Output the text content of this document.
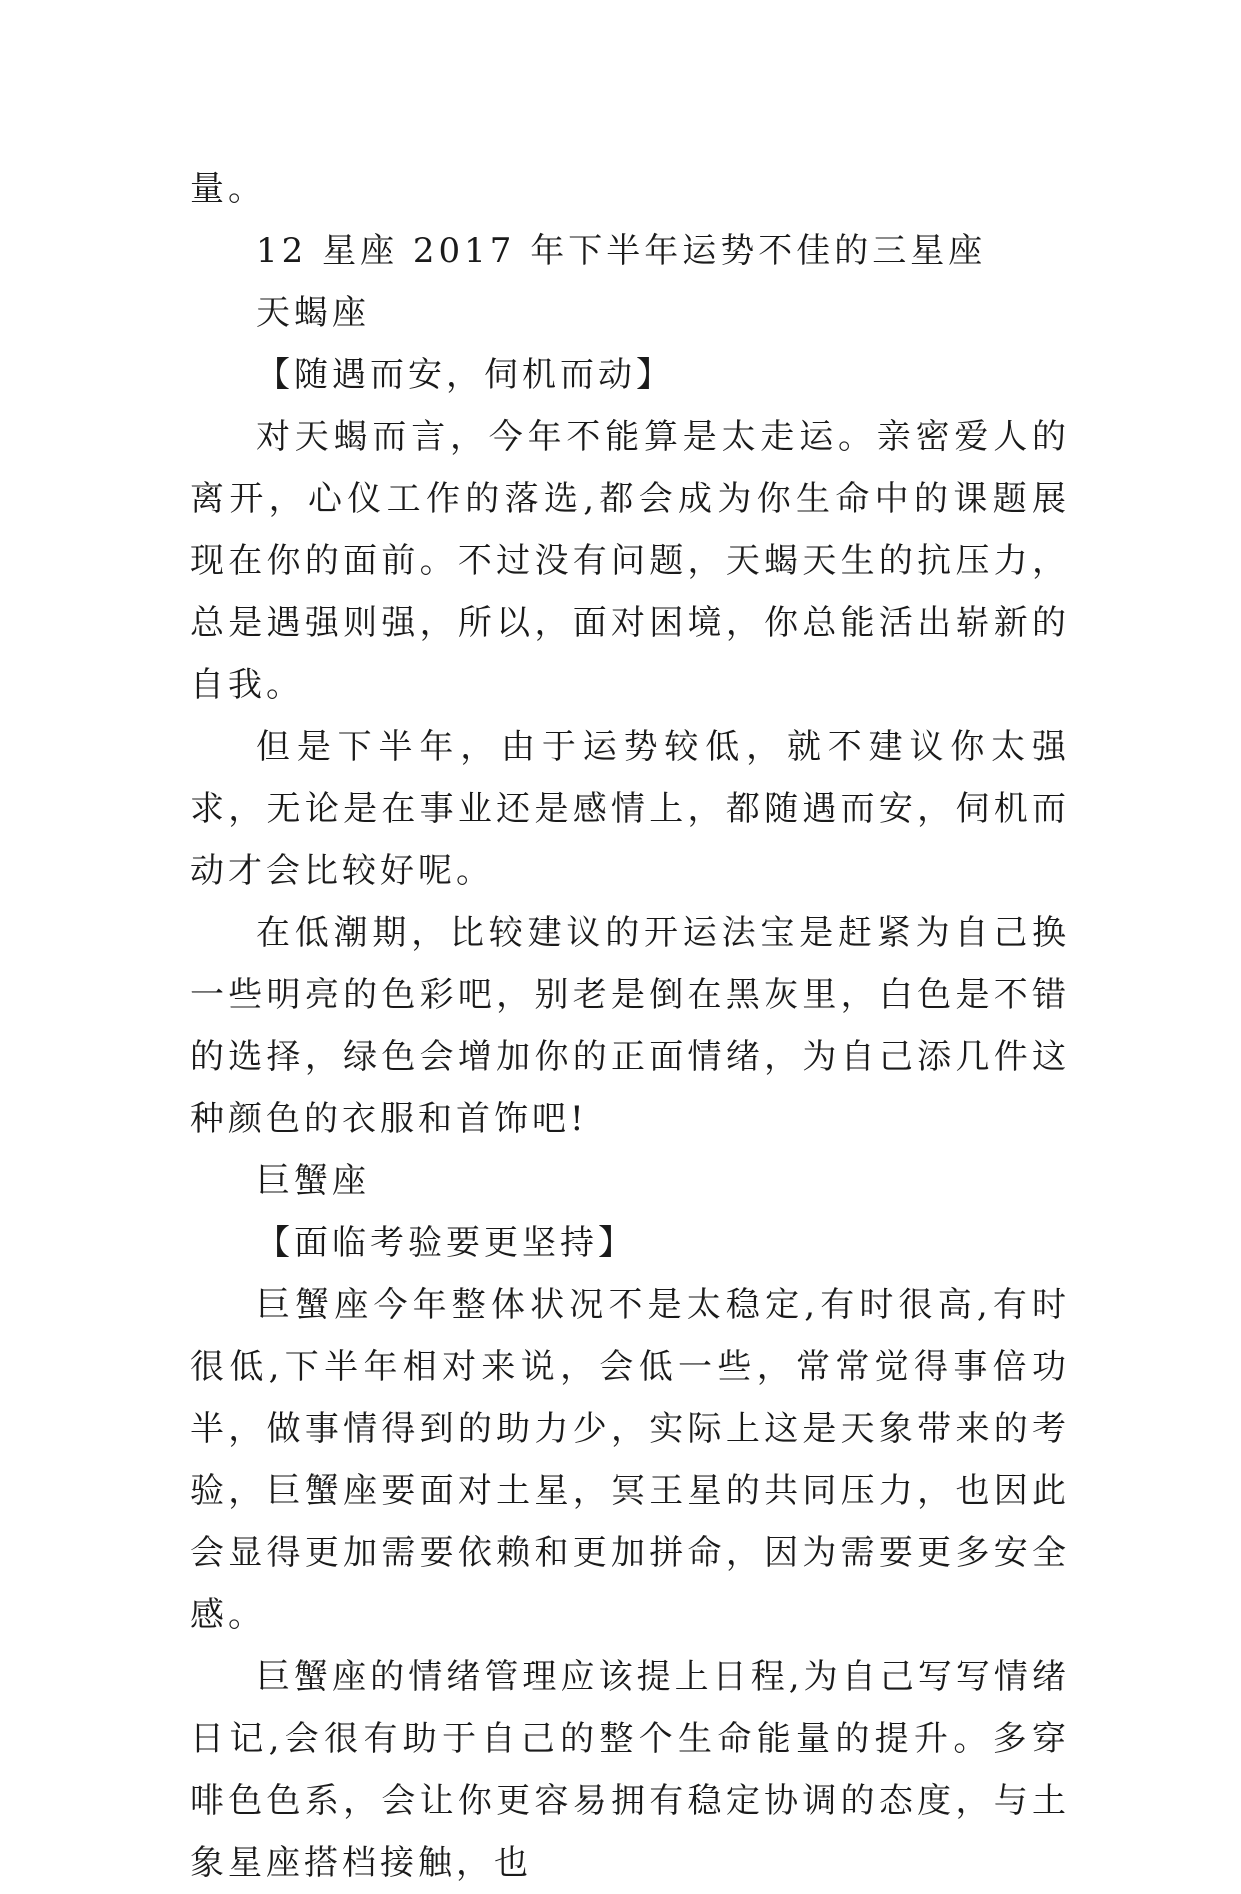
量。

12 星座 2017 年下半年运势不佳的三星座

天蝎座

【随遇而安，伺机而动】

对天蝎而言，今年不能算是太走运。亲密爱人的离开，心仪工作的落选,都会成为你生命中的课题展现在你的面前。不过没有问题，天蝎天生的抗压力，总是遇强则强，所以，面对困境，你总能活出崭新的自我。

但是下半年，由于运势较低，就不建议你太强求，无论是在事业还是感情上，都随遇而安，伺机而动才会比较好呢。

在低潮期，比较建议的开运法宝是赶紧为自己换一些明亮的色彩吧，别老是倒在黑灰里，白色是不错的选择，绿色会增加你的正面情绪，为自己添几件这种颜色的衣服和首饰吧!

巨蟹座

【面临考验要更坚持】

巨蟹座今年整体状况不是太稳定,有时很高,有时很低,下半年相对来说，会低一些，常常觉得事倍功半，做事情得到的助力少，实际上这是天象带来的考验，巨蟹座要面对土星，冥王星的共同压力，也因此会显得更加需要依赖和更加拼命，因为需要更多安全感。

巨蟹座的情绪管理应该提上日程,为自己写写情绪日记,会很有助于自己的整个生命能量的提升。多穿啡色色系，会让你更容易拥有稳定协调的态度，与土象星座搭档接触，也
